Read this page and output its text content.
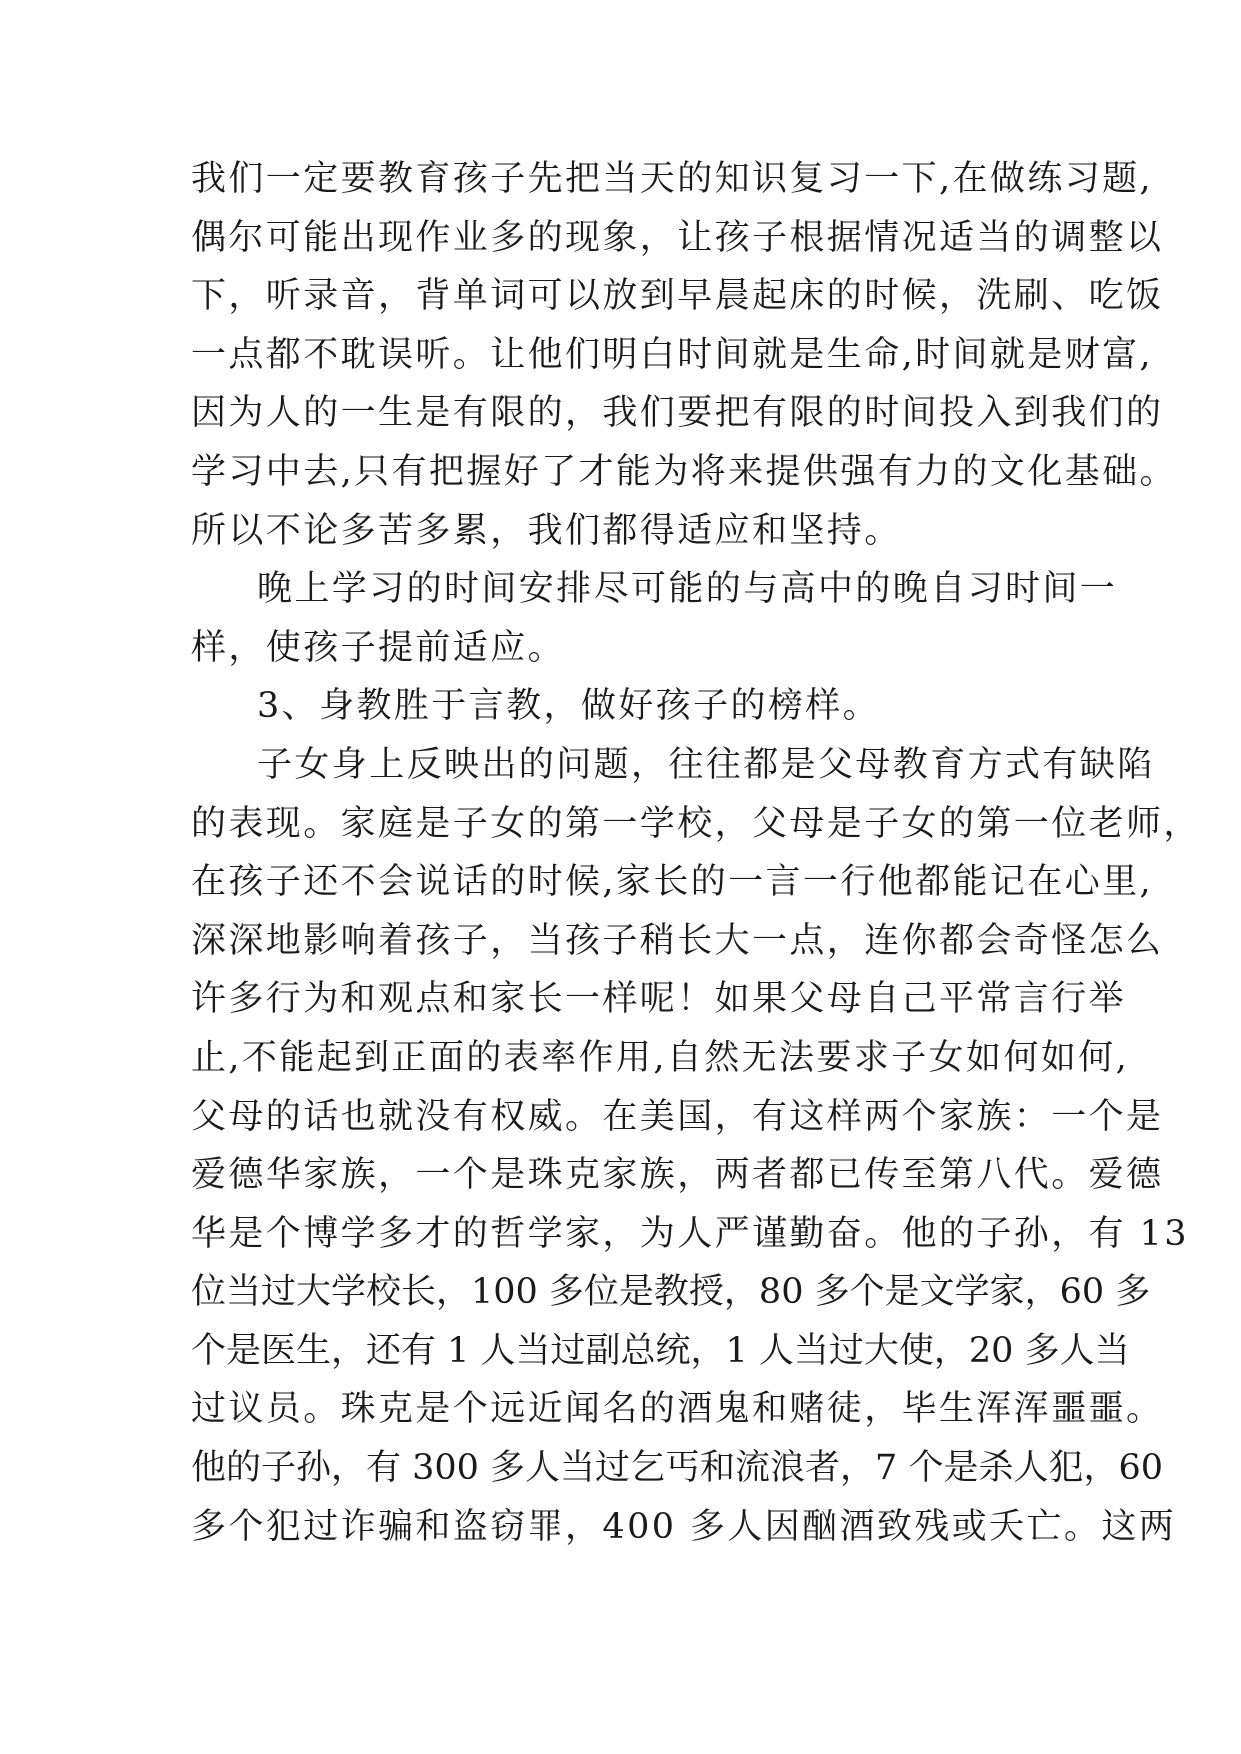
我们一定要教育孩子先把当天的知识复习一下,在做练习题,
偶尔可能出现作业多的现象，让孩子根据情况适当的调整以
下，听录音，背单词可以放到早晨起床的时候，洗刷、吃饭
一点都不耽误听。让他们明白时间就是生命,时间就是财富,
因为人的一生是有限的，我们要把有限的时间投入到我们的
学习中去,只有把握好了才能为将来提供强有力的文化基础。
所以不论多苦多累，我们都得适应和坚持。
晚上学习的时间安排尽可能的与高中的晚自习时间一
样，使孩子提前适应。
3、身教胜于言教，做好孩子的榜样。
子女身上反映出的问题，往往都是父母教育方式有缺陷
的表现。家庭是子女的第一学校，父母是子女的第一位老师，
在孩子还不会说话的时候,家长的一言一行他都能记在心里,
深深地影响着孩子，当孩子稍长大一点，连你都会奇怪怎么
许多行为和观点和家长一样呢！如果父母自己平常言行举
止,不能起到正面的表率作用,自然无法要求子女如何如何,
父母的话也就没有权威。在美国，有这样两个家族：一个是
爱德华家族，一个是珠克家族，两者都已传至第八代。爱德
华是个博学多才的哲学家，为人严谨勤奋。他的子孙，有 13
位当过大学校长，100 多位是教授，80 多个是文学家，60 多
个是医生，还有 1 人当过副总统，1 人当过大使，20 多人当
过议员。珠克是个远近闻名的酒鬼和赌徒，毕生浑浑噩噩。
他的子孙，有 300 多人当过乞丐和流浪者，7 个是杀人犯，60
多个犯过诈骗和盗窃罪，400 多人因酗酒致残或夭亡。这两
